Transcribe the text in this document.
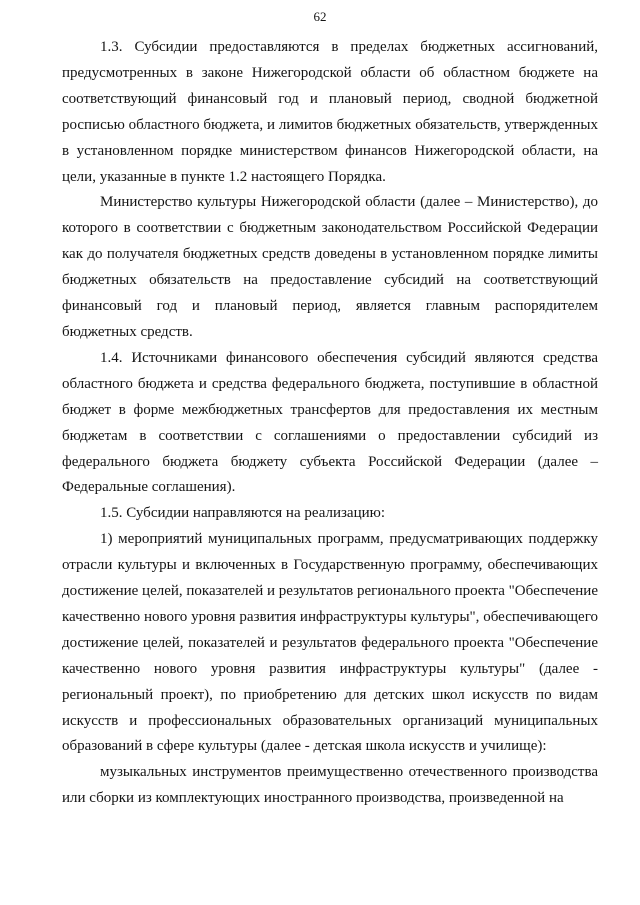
62

1.3. Субсидии предоставляются в пределах бюджетных ассигнований, предусмотренных в законе Нижегородской области об областном бюджете на соответствующий финансовый год и плановый период, сводной бюджетной росписью областного бюджета, и лимитов бюджетных обязательств, утвержденных в установленном порядке министерством финансов Нижегородской области, на цели, указанные в пункте 1.2 настоящего Порядка.

Министерство культуры Нижегородской области (далее – Министерство), до которого в соответствии с бюджетным законодательством Российской Федерации как до получателя бюджетных средств доведены в установленном порядке лимиты бюджетных обязательств на предоставление субсидий на соответствующий финансовый год и плановый период, является главным распорядителем бюджетных средств.

1.4. Источниками финансового обеспечения субсидий являются средства областного бюджета и средства федерального бюджета, поступившие в областной бюджет в форме межбюджетных трансфертов для предоставления их местным бюджетам в соответствии с соглашениями о предоставлении субсидий из федерального бюджета бюджету субъекта Российской Федерации (далее – Федеральные соглашения).

1.5. Субсидии направляются на реализацию:

1) мероприятий муниципальных программ, предусматривающих поддержку отрасли культуры и включенных в Государственную программу, обеспечивающих достижение целей, показателей и результатов регионального проекта "Обеспечение качественно нового уровня развития инфраструктуры культуры", обеспечивающего достижение целей, показателей и результатов федерального проекта "Обеспечение качественно нового уровня развития инфраструктуры культуры" (далее - региональный проект), по приобретению для детских школ искусств по видам искусств и профессиональных образовательных организаций муниципальных образований в сфере культуры (далее - детская школа искусств и училище):

музыкальных инструментов преимущественно отечественного производства или сборки из комплектующих иностранного производства, произведенной на
